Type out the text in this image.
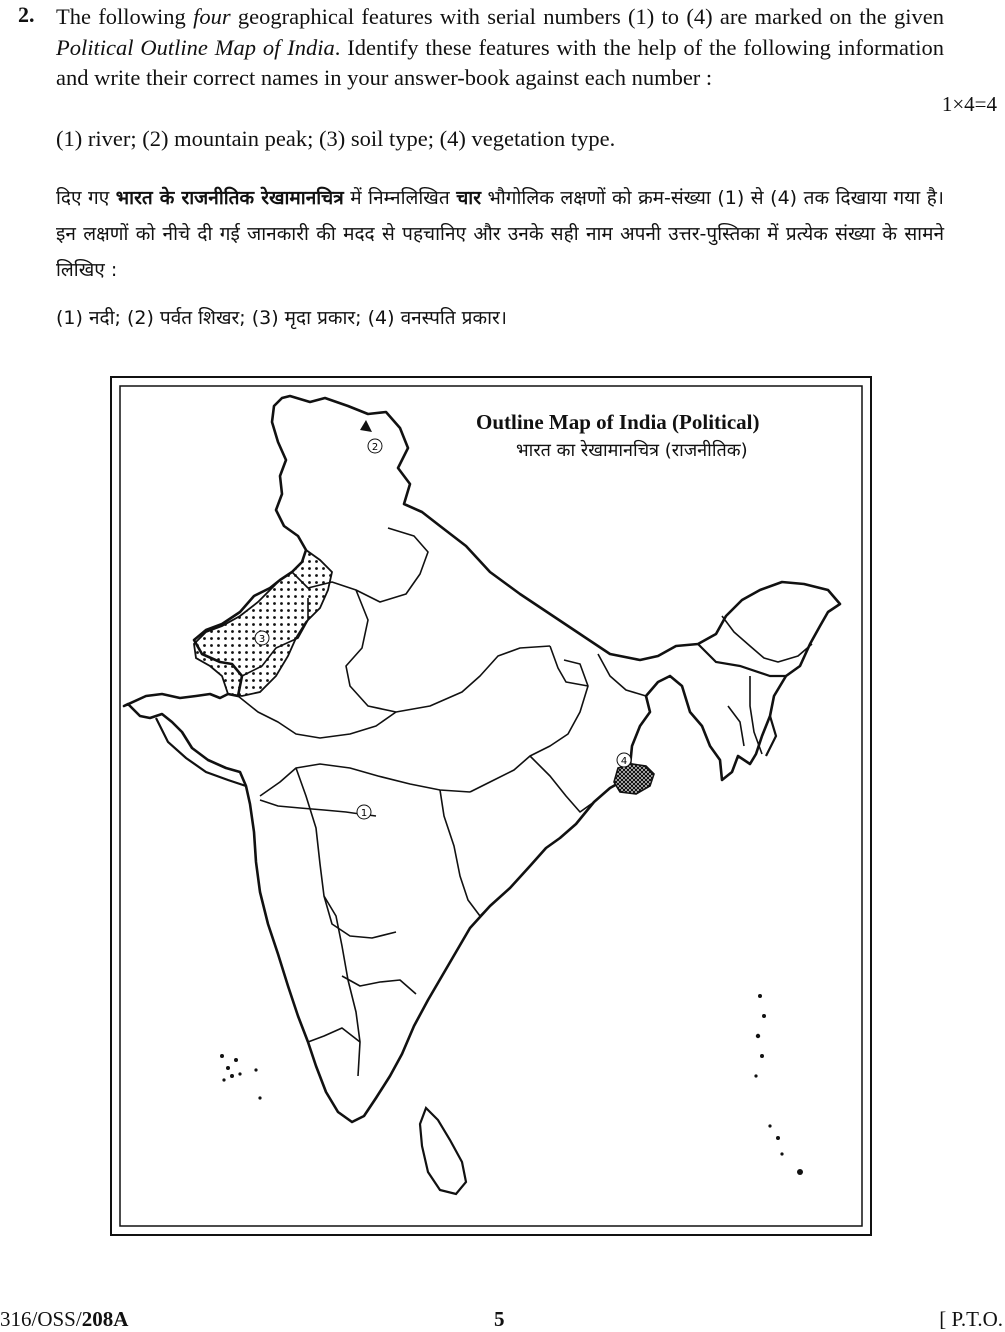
2. The following four geographical features with serial numbers (1) to (4) are marked on the given Political Outline Map of India. Identify these features with the help of the following information and write their correct names in your answer-book against each number :
1×4=4
(1) river; (2) mountain peak; (3) soil type; (4) vegetation type.
दिए गए भारत के राजनीतिक रेखामानचित्र में निम्नलिखित चार भौगोलिक लक्षणों को क्रम-संख्या (1) से (4) तक दिखाया गया है। इन लक्षणों को नीचे दी गई जानकारी की मदद से पहचानिए और उनके सही नाम अपनी उत्तर-पुस्तिका में प्रत्येक संख्या के सामने लिखिए :
(1) नदी; (2) पर्वत शिखर; (3) मृदा प्रकार; (4) वनस्पति प्रकार।
2
3
1
4
Outline Map of India (Political)
भारत का रेखामानचित्र (राजनीतिक)
316/OSS/208A	5	[ P.T.O.
